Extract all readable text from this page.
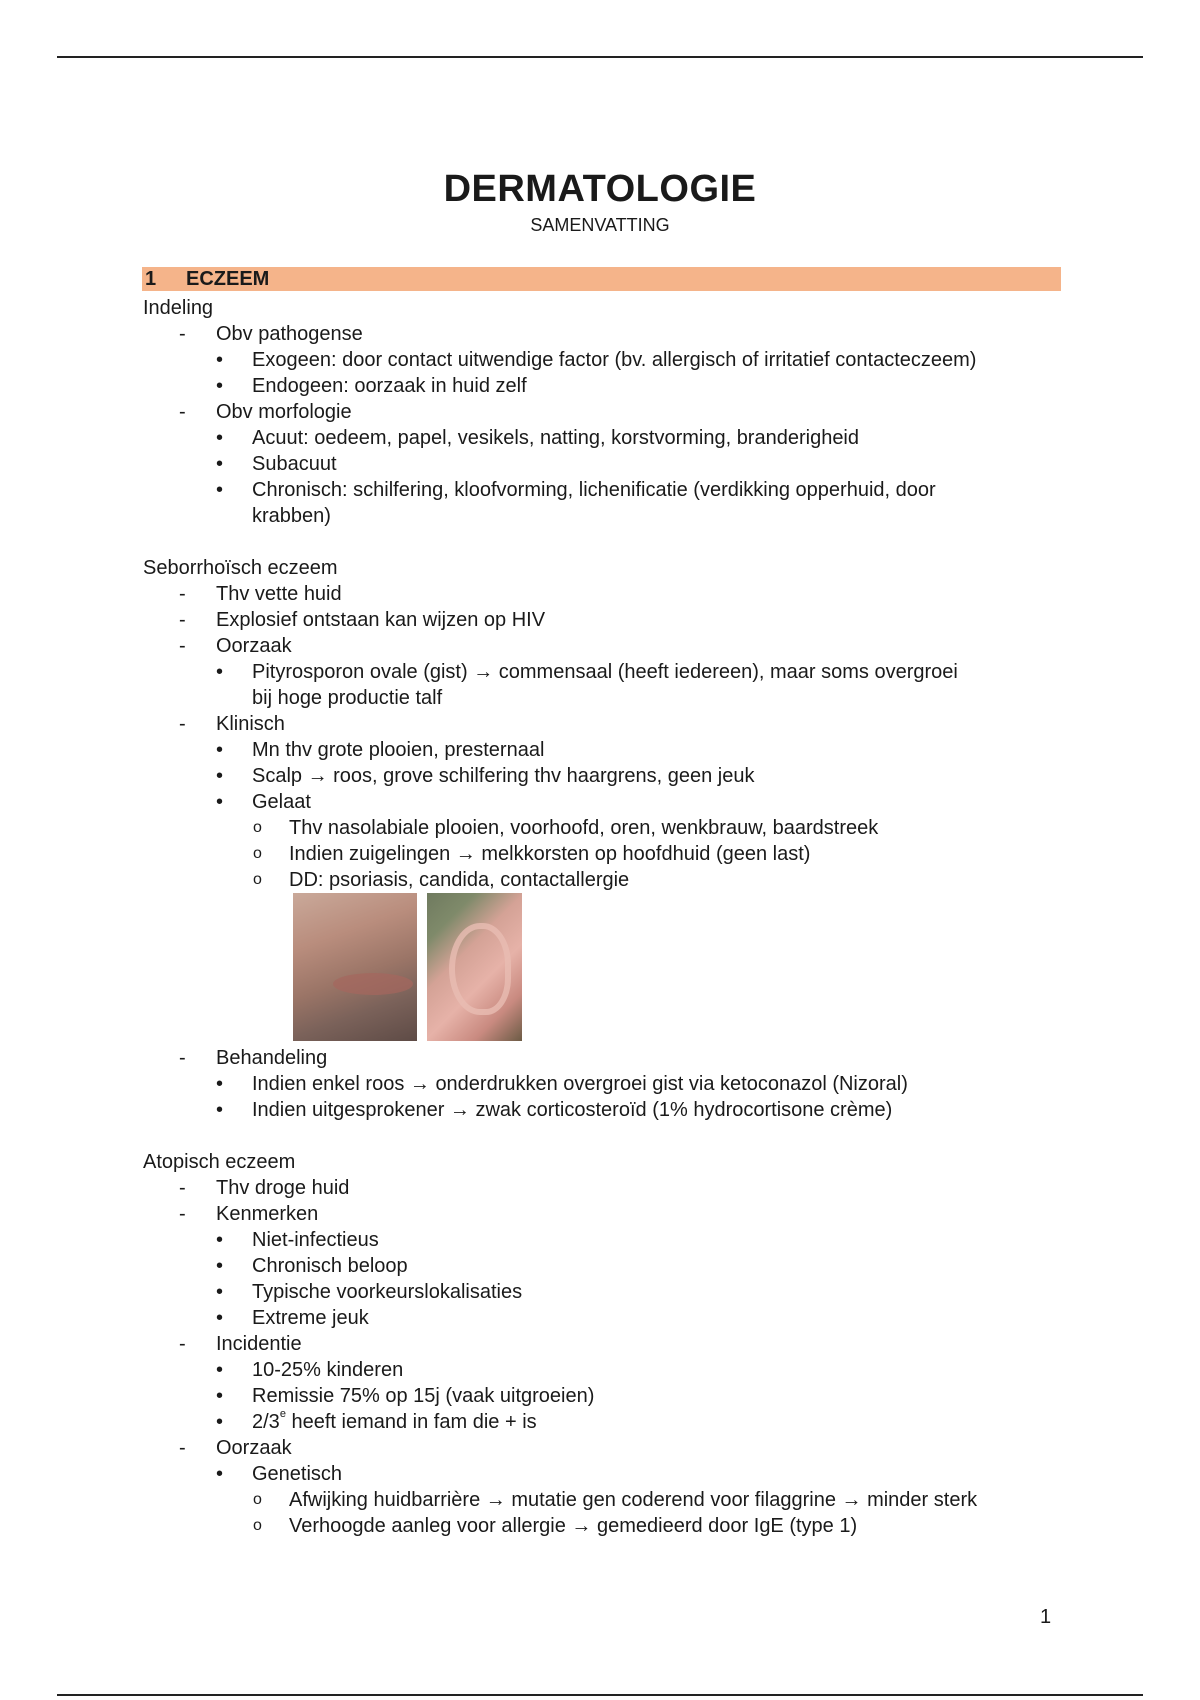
DERMATOLOGIE
SAMENVATTING
1 ECZEEM
Indeling
- Obv pathogense
• Exogeen: door contact uitwendige factor (bv. allergisch of irritatief contacteczeem)
• Endogeen: oorzaak in huid zelf
- Obv morfologie
• Acuut: oedeem, papel, vesikels, natting, korstvorming, branderigheid
• Subacuut
• Chronisch: schilfering, kloofvorming, lichenificatie (verdikking opperhuid, door
krabben)
Seborrhoïsch eczeem
- Thv vette huid
- Explosief ontstaan kan wijzen op HIV
- Oorzaak
• Pityrosporon ovale (gist) → commensaal (heeft iedereen), maar soms overgroei
bij hoge productie talf
- Klinisch
• Mn thv grote plooien, presternaal
• Scalp → roos, grove schilfering thv haargrens, geen jeuk
• Gelaat
o Thv nasolabiale plooien, voorhoofd, oren, wenkbrauw, baardstreek
o Indien zuigelingen → melkkorsten op hoofdhuid (geen last)
o DD: psoriasis, candida, contactallergie
- Behandeling
• Indien enkel roos → onderdrukken overgroei gist via ketoconazol (Nizoral)
• Indien uitgesprokener → zwak corticosteroïd (1% hydrocortisone crème)
Atopisch eczeem
- Thv droge huid
- Kenmerken
• Niet-infectieus
• Chronisch beloop
• Typische voorkeurslokalisaties
• Extreme jeuk
- Incidentie
• 10-25% kinderen
• Remissie 75% op 15j (vaak uitgroeien)
• 2/3e heeft iemand in fam die + is
- Oorzaak
• Genetisch
o Afwijking huidbarrière → mutatie gen coderend voor filaggrine → minder sterk
o Verhoogde aanleg voor allergie → gemedieerd door IgE (type 1)
1
